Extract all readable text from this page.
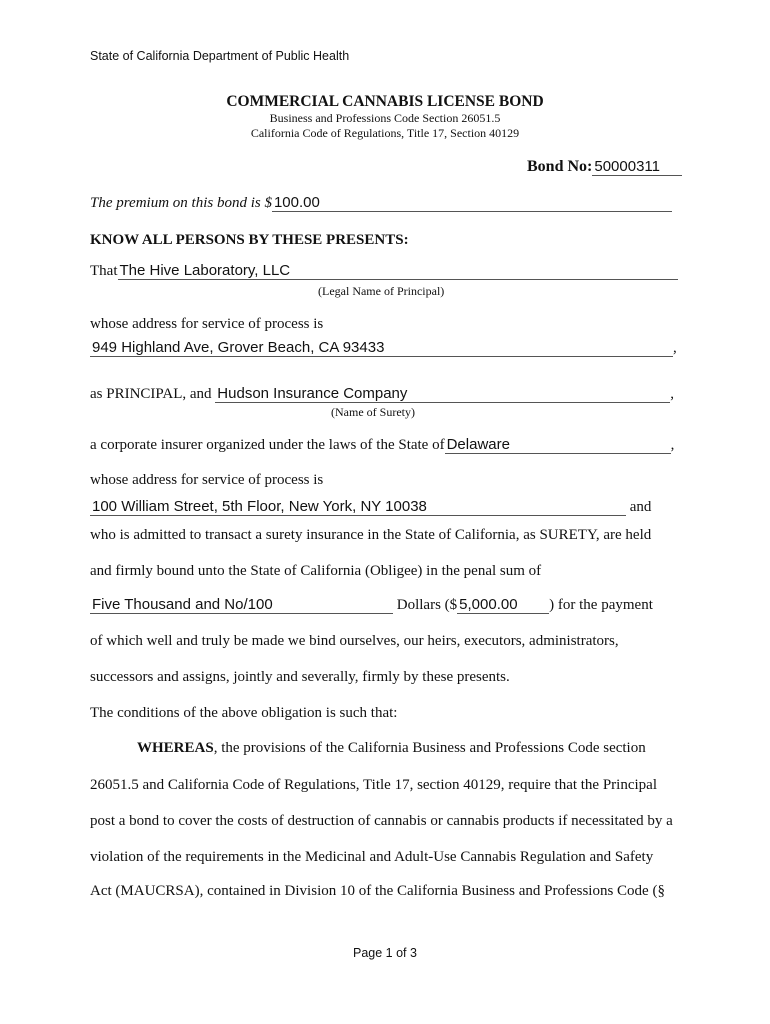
State of California Department of Public Health
COMMERCIAL CANNABIS LICENSE BOND
Business and Professions Code Section 26051.5
California Code of Regulations, Title 17, Section 40129
Bond No: 50000311
The premium on this bond is $ 100.00
KNOW ALL PERSONS BY THESE PRESENTS:
That The Hive Laboratory, LLC
(Legal Name of Principal)
whose address for service of process is
949 Highland Ave, Grover Beach, CA 93433	,
as PRINCIPAL, and Hudson Insurance Company	,
(Name of Surety)
a corporate insurer organized under the laws of the State of Delaware	,
whose address for service of process is
100 William Street, 5th Floor, New York, NY 10038	and
who is admitted to transact a surety insurance in the State of California, as SURETY, are held
and firmly bound unto the State of California (Obligee) in the penal sum of
Five Thousand and No/100	Dollars ($ 5,000.00 ) for the payment
of which well and truly be made we bind ourselves, our heirs, executors, administrators,
successors and assigns, jointly and severally, firmly by these presents.
The conditions of the above obligation is such that:
WHEREAS, the provisions of the California Business and Professions Code section
26051.5 and California Code of Regulations, Title 17, section 40129, require that the Principal
post a bond to cover the costs of destruction of cannabis or cannabis products if necessitated by a
violation of the requirements in the Medicinal and Adult-Use Cannabis Regulation and Safety
Act (MAUCRSA), contained in Division 10 of the California Business and Professions Code (§
Page 1 of 3
